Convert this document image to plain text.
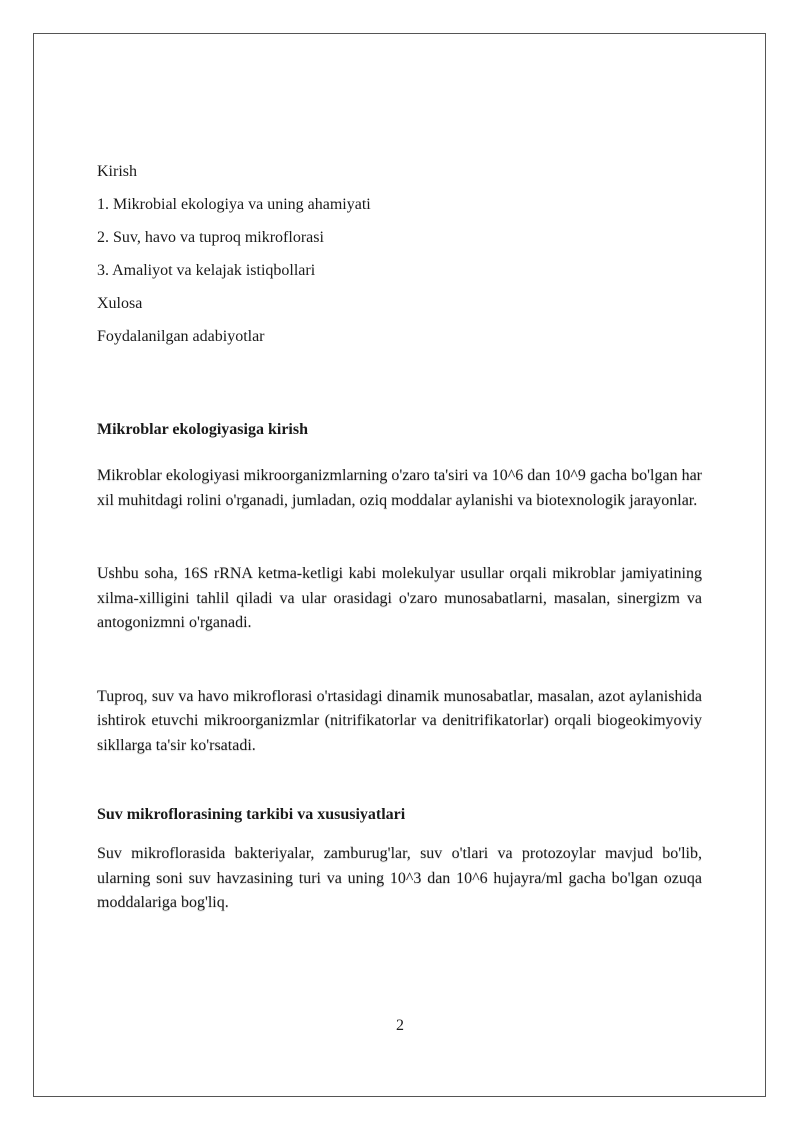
Kirish

1. Mikrobial ekologiya va uning ahamiyati

2. Suv, havo va tuproq mikroflorasi

3. Amaliyot va kelajak istiqbollari

Xulosa

Foydalanilgan adabiyotlar

Mikroblar ekologiyasiga kirish

Mikroblar ekologiyasi mikroorganizmlarning o'zaro ta'siri va 10^6 dan 10^9 gacha bo'lgan har xil muhitdagi rolini o'rganadi, jumladan, oziq moddalar aylanishi va biotexnologik jarayonlar.

Ushbu soha, 16S rRNA ketma-ketligi kabi molekulyar usullar orqali mikroblar jamiyatining xilma-xilligini tahlil qiladi va ular orasidagi o'zaro munosabatlarni, masalan, sinergizm va antogonizmni o'rganadi.

Tuproq, suv va havo mikroflorasi o'rtasidagi dinamik munosabatlar, masalan, azot aylanishida ishtirok etuvchi mikroorganizmlar (nitrifikatorlar va denitrifikatorlar) orqali biogeokimyoviy sikllarga ta'sir ko'rsatadi.

Suv mikroflorasining tarkibi va xususiyatlari

Suv mikroflorasida bakteriyalar, zamburug'lar, suv o'tlari va protozoylar mavjud bo'lib, ularning soni suv havzasining turi va uning 10^3 dan 10^6 hujayra/ml gacha bo'lgan ozuqa moddalariga bog'liq.

2
